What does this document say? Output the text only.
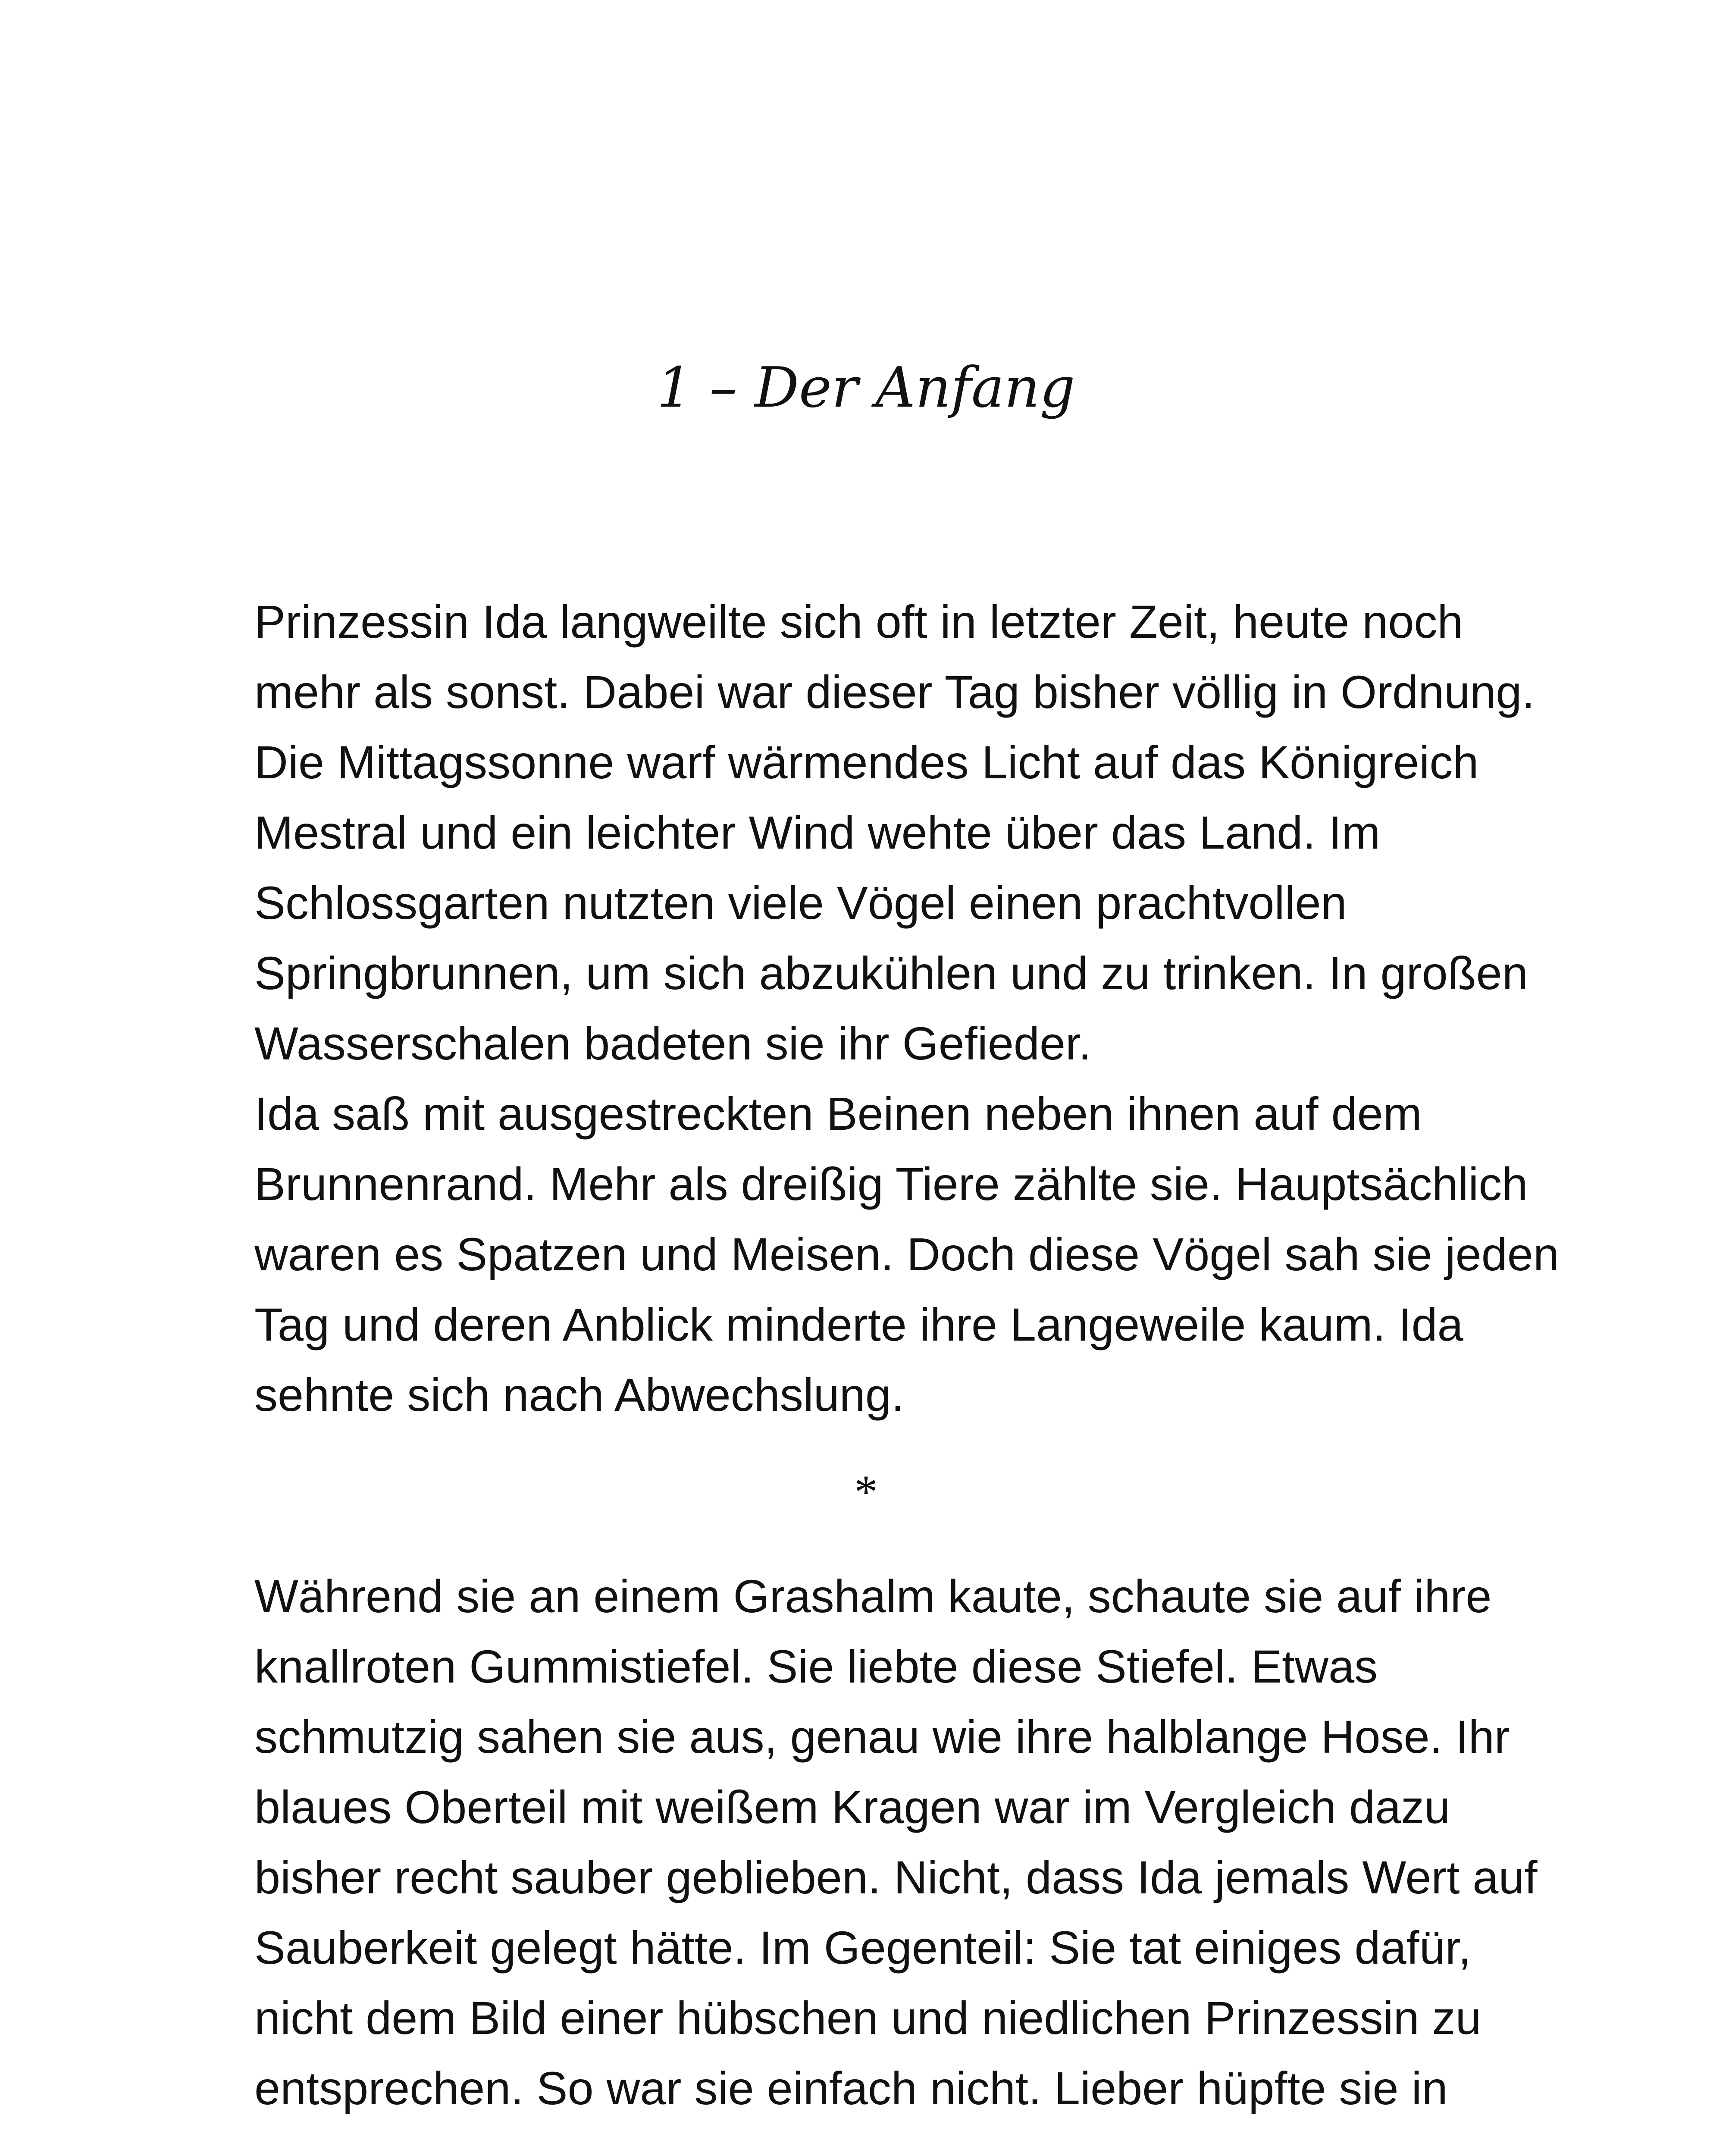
1 – Der Anfang
Prinzessin Ida langweilte sich oft in letzter Zeit, heute noch
mehr als sonst. Dabei war dieser Tag bisher völlig in Ordnung.
Die Mittagssonne warf wärmendes Licht auf das Königreich
Mestral und ein leichter Wind wehte über das Land. Im
Schlossgarten nutzten viele Vögel einen prachtvollen
Springbrunnen, um sich abzukühlen und zu trinken. In großen
Wasserschalen badeten sie ihr Gefieder.
Ida saß mit ausgestreckten Beinen neben ihnen auf dem
Brunnenrand. Mehr als dreißig Tiere zählte sie. Hauptsächlich
waren es Spatzen und Meisen. Doch diese Vögel sah sie jeden
Tag und deren Anblick minderte ihre Langeweile kaum. Ida
sehnte sich nach Abwechslung.
*
Während sie an einem Grashalm kaute, schaute sie auf ihre
knallroten Gummistiefel. Sie liebte diese Stiefel. Etwas
schmutzig sahen sie aus, genau wie ihre halblange Hose. Ihr
blaues Oberteil mit weißem Kragen war im Vergleich dazu
bisher recht sauber geblieben. Nicht, dass Ida jemals Wert auf
Sauberkeit gelegt hätte. Im Gegenteil: Sie tat einiges dafür,
nicht dem Bild einer hübschen und niedlichen Prinzessin zu
entsprechen. So war sie einfach nicht. Lieber hüpfte sie in
